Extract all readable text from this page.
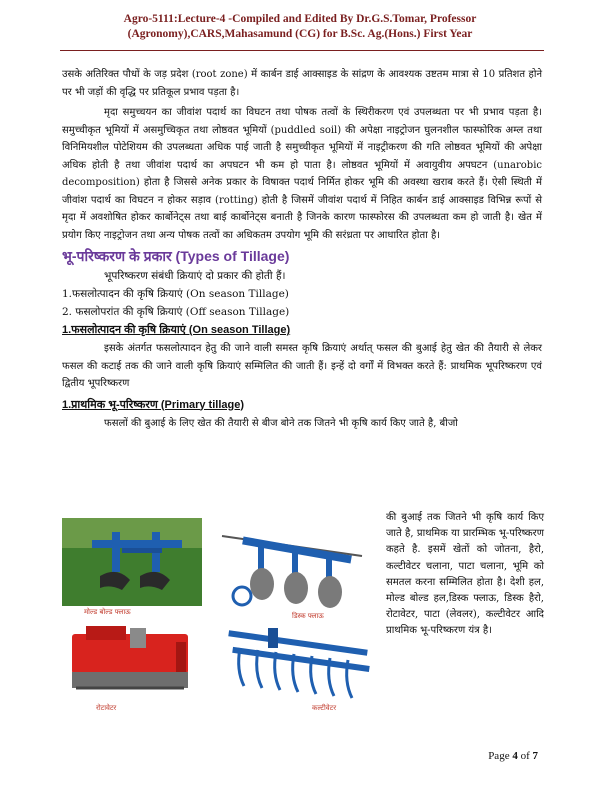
Agro-5111:Lecture-4 -Compiled and Edited By Dr.G.S.Tomar, Professor
(Agronomy),CARS,Mahasamund (CG) for B.Sc. Ag.(Hons.) First Year

उसके अतिरिक्त पौधों के जड़ प्रदेश (root zone) में कार्बन डाई आक्साइड के सांद्रण के आवश्यक उष्टतम मात्रा से 10 प्रतिशत होने पर भी जड़ों की वृद्धि पर प्रतिकूल प्रभाव पड़ता है।

मृदा समुच्चयन का जीवांश पदार्थ का विघटन तथा पोषक तत्वों के स्थिरीकरण एवं उपलब्धता पर भी प्रभाव पड़ता है। समुच्चीकृत भूमियों में असमुच्चिकृत तथा लोष्ठवत भूमियों (puddled soil) की अपेक्षा नाइट्रोजन घुलनशील फास्फोरिक अम्ल तथा विनिमियशील पोटेशियम की उपलब्धता अधिक पाई जाती है समुच्चीकृत भूमियों में नाइट्रीकरण की गति लोष्ठवत भूमियों की अपेक्षा अधिक होती है तथा जीवांश पदार्थ का अपघटन भी कम हो पाता है। लोष्ठवत भूमियों में अवायुवीय अपघटन (unarobic decomposition) होता है जिससे अनेक प्रकार के विषाक्त पदार्थ निर्मित होकर भूमि की अवस्था खराब करते हैं। ऐसी स्थिती में जीवांश पदार्थ का विघटन न होकर सड़ाव (rotting) होती है जिसमें जीवांश पदार्थ में निहित कार्बन डाई आक्साइड विभिन्न रूपों से मृदा में अवशोषित होकर कार्बोनेट्स तथा बाई कार्बोनेट्स बनाती है जिनके कारण फास्फोरस की उपलब्धता कम हो जाती है। खेत में प्रयोग किए नाइट्रोजन तथा अन्य पोषक तत्वों का अधिकतम उपयोग भूमि की सरंध्रता पर आधारित होता है।

भू-परिष्करण के प्रकार (Types of Tillage)

भूपरिष्करण संबंधी क्रियाएं दो प्रकार की होती हैं।

1.फसलोत्पादन की कृषि क्रियाएं (On season Tillage)

2. फसलोपरांत की कृषि क्रियाएं (Off season Tillage)

1.फसलोत्पादन की कृषि क्रियाएं (On season Tillage)

इसके अंतर्गत फसलोत्पादन हेतु की जाने वाली समस्त कृषि क्रियाएं अर्थात् फसल की बुआई हेतु खेत की तैयारी से लेकर फसल की कटाई तक की जाने वाली कृषि क्रियाएं सम्मिलित की जाती हैं। इन्हें दो वर्गों में विभक्त करते हैं: प्राथमिक भूपरिष्करण एवं द्वितीय भूपरिष्करण

1.प्राथमिक भू-परिष्करण (Primary tillage)

फसलों की बुआई के लिए खेत की तैयारी से बीज बोने तक जितने भी कृषि कार्य किए जाते है, बीजो

मोल्ड बोल्ड फ्लाऊ	डिस्क फ्लाऊ
रोटावेटर	कल्टीवेटर
की बुआई तक जितने भी कृषि कार्य किए जाते है, प्राथमिक या प्रारम्भिक भू-परिष्करण कहते है. इसमें खेतों को जोतना, हैरो, कल्टीवेटर चलाना, पाटा चलाना, भूमि को समतल करना सम्मिलित होता है। देशी हल, मोल्ड बोल्ड हल,डिस्क फ्लाऊ, डिस्क हैरो, रोटावेटर, पाटा (लेवलर), कल्टीवेटर आदि प्राथमिक भू-परिष्करण यंत्र है।
Page 4 of 7
